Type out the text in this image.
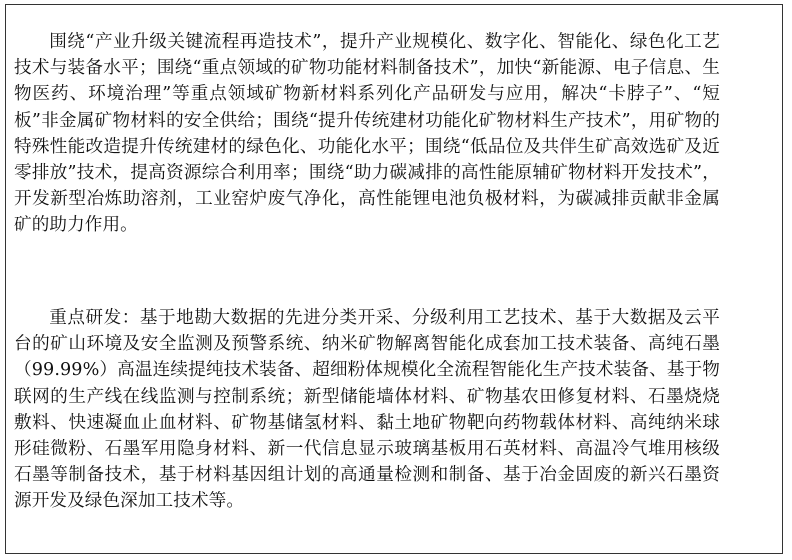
围绕“产业升级关键流程再造技术”，提升产业规模化、数字化、智能化、绿色化工艺技术与装备水平；围绕“重点领域的矿物功能材料制备技术”，加快“新能源、电子信息、生物医药、环境治理”等重点领域矿物新材料系列化产品研发与应用，解决“卡脖子”、“短板”非金属矿物材料的安全供给；围绕“提升传统建材功能化矿物材料生产技术”，用矿物的特殊性能改造提升传统建材的绿色化、功能化水平；围绕“低品位及共伴生矿高效选矿及近零排放”技术，提高资源综合利用率；围绕“助力碳减排的高性能原辅矿物材料开发技术”，开发新型冶炼助溶剂，工业窑炉废气净化，高性能锂电池负极材料，为碳减排贡献非金属矿的助力作用。

重点研发：基于地勘大数据的先进分类开采、分级利用工艺技术、基于大数据及云平台的矿山环境及安全监测及预警系统、纳米矿物解离智能化成套加工技术装备、高纯石墨（99.99%）高温连续提纯技术装备、超细粉体规模化全流程智能化生产技术装备、基于物联网的生产线在线监测与控制系统；新型储能墙体材料、矿物基农田修复材料、石墨烧烧敷料、快速凝血止血材料、矿物基储氢材料、黏土地矿物靶向药物载体材料、高纯纳米球形硅微粉、石墨军用隐身材料、新一代信息显示玻璃基板用石英材料、高温冷气堆用核级石墨等制备技术，基于材料基因组计划的高通量检测和制备、基于冶金固废的新兴石墨资源开发及绿色深加工技术等。
